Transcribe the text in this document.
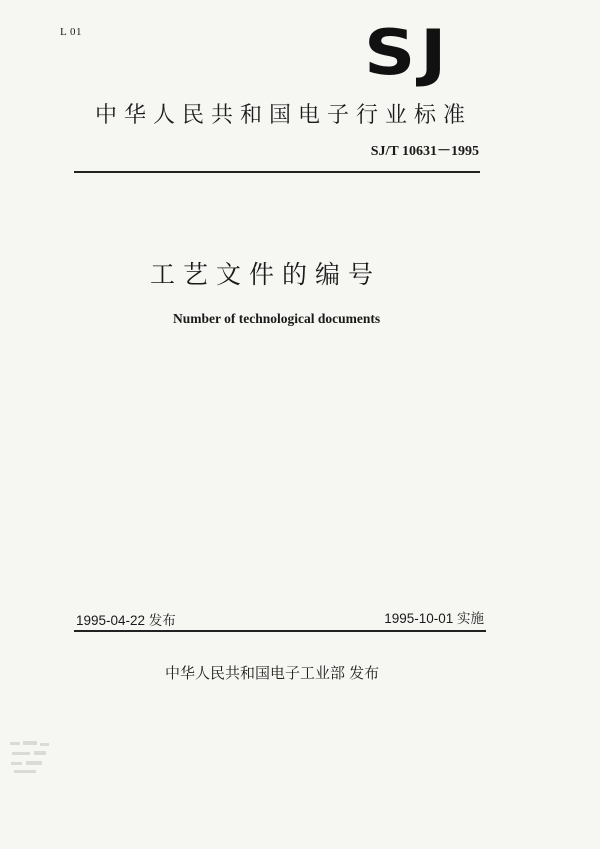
L 01	SJ
中华人民共和国电子行业标准
SJ/T 10631－1995
工艺文件的编号
Number of technological documents
1995-04-22 发布	1995-10-01 实施
中华人民共和国电子工业部 发布
